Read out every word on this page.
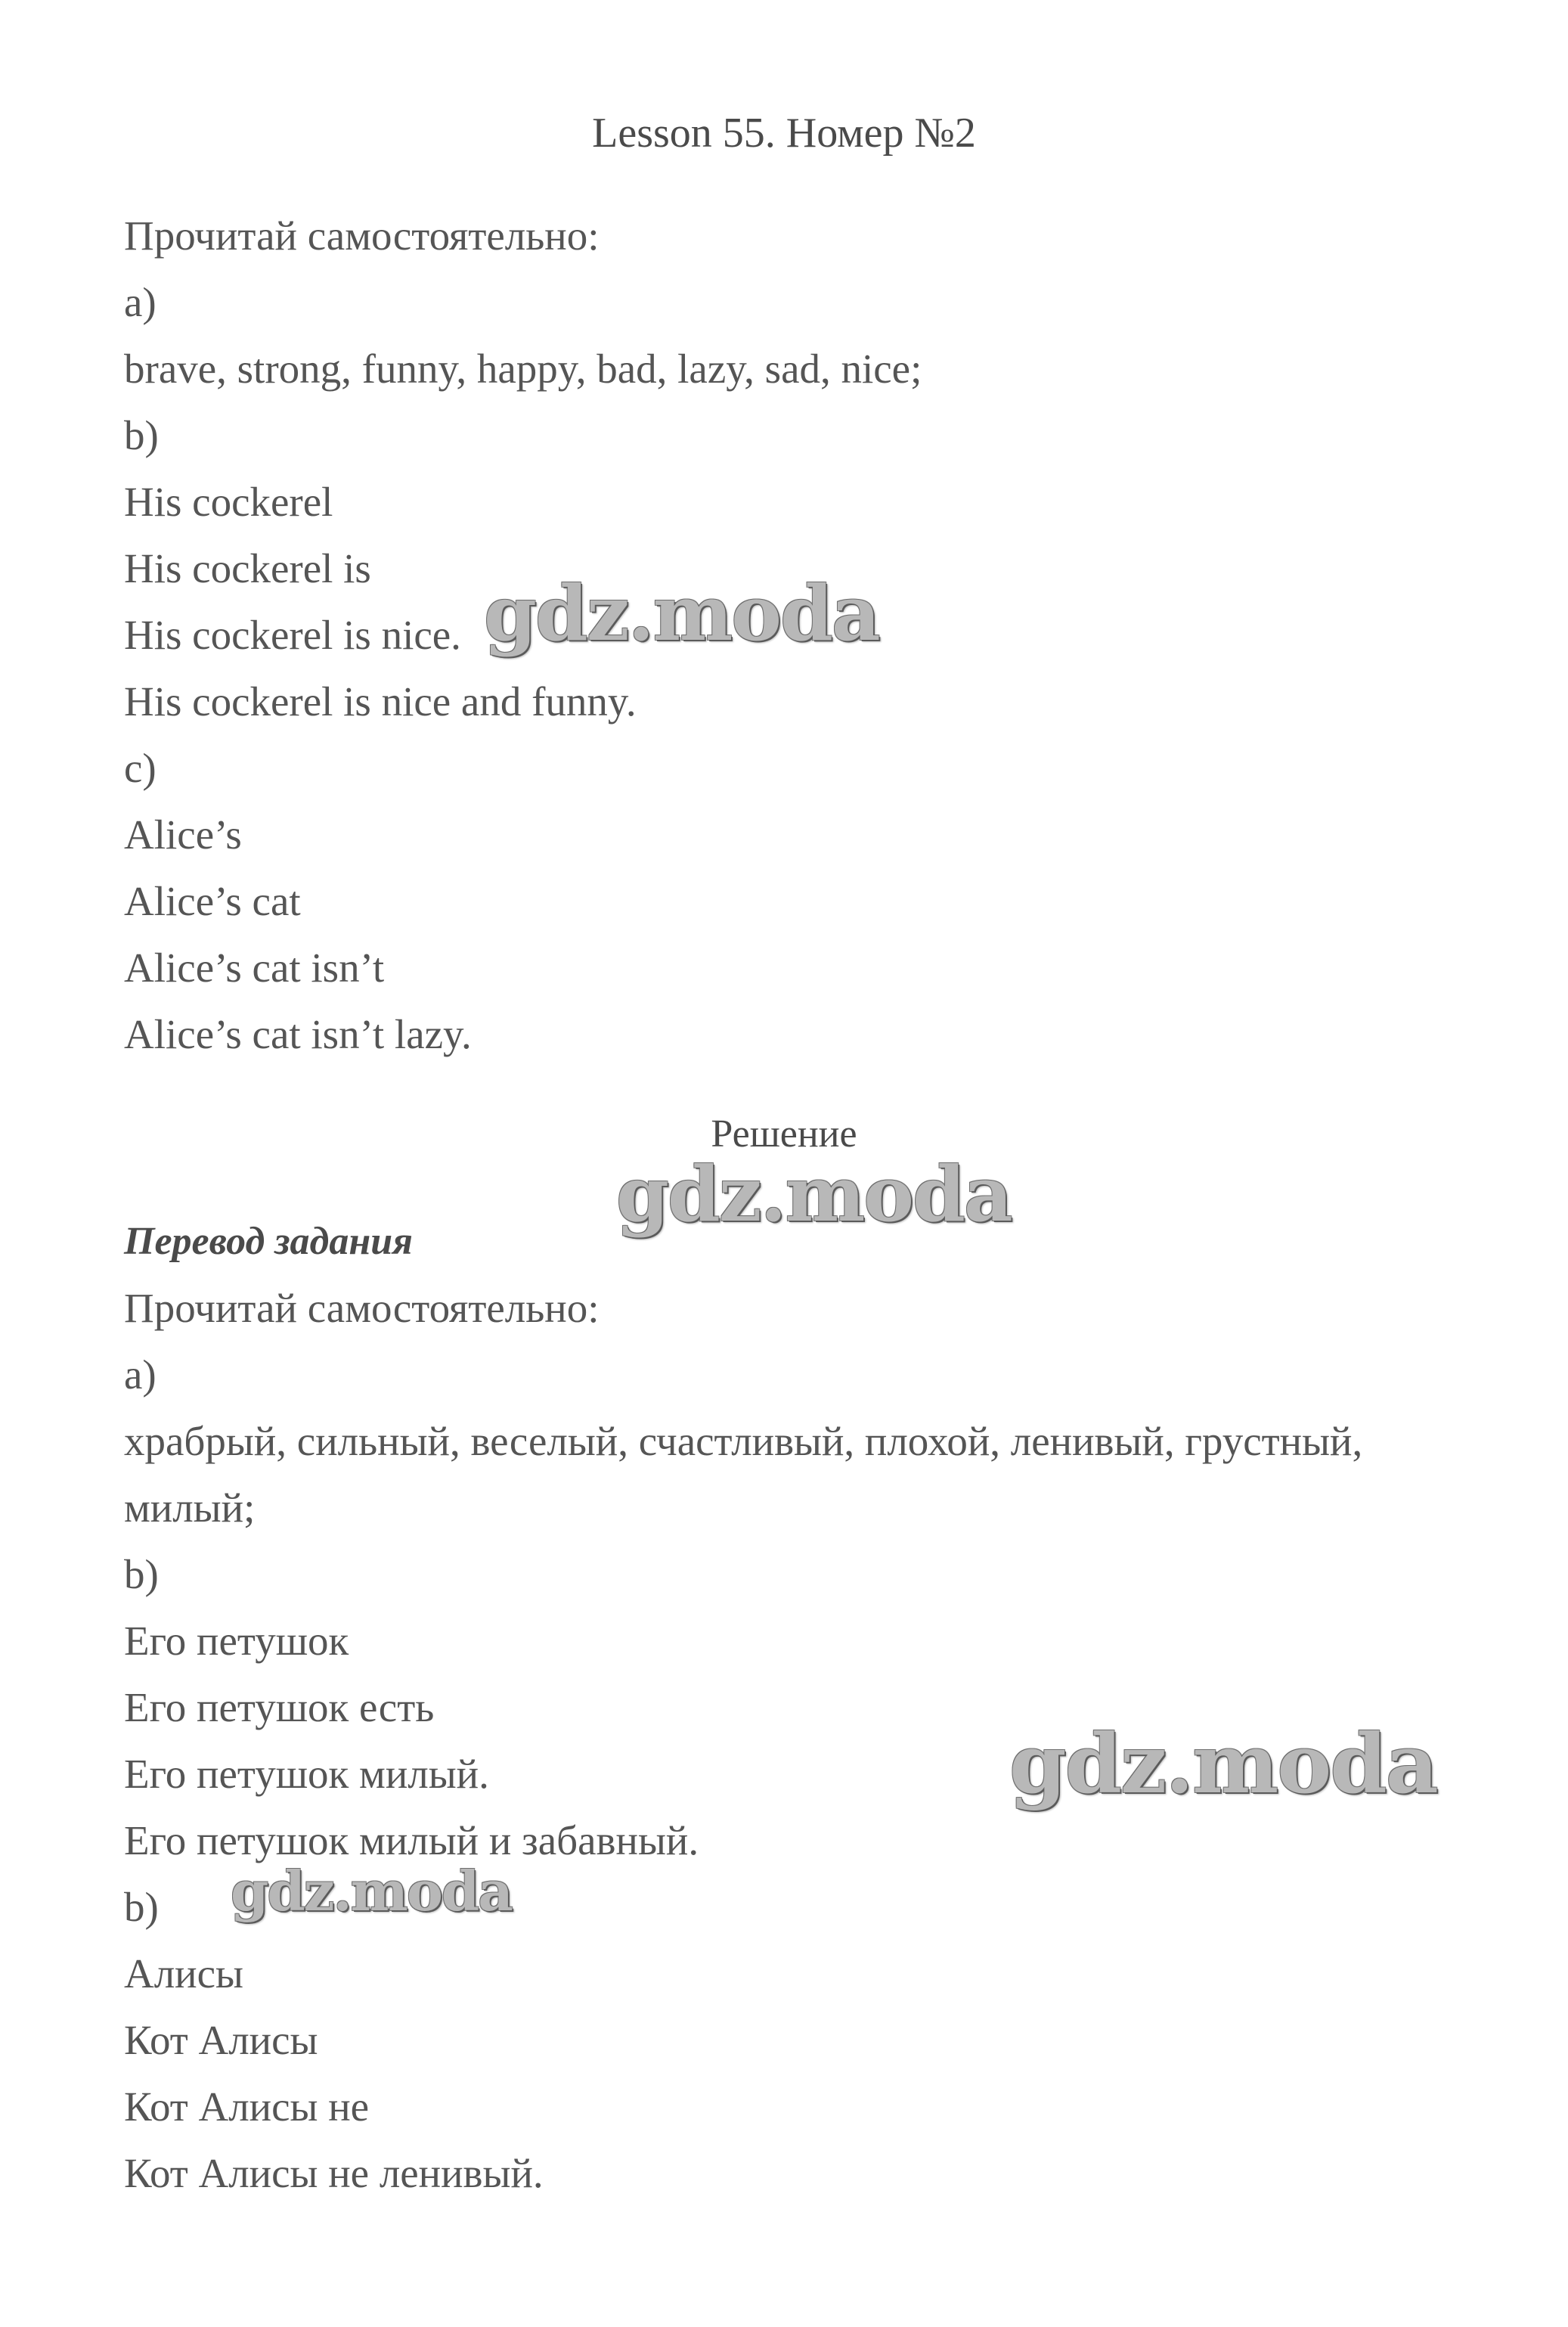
Lesson 55. Номер №2
Прочитай самостоятельно:
a)
brave, strong, funny, happy, bad, lazy, sad, nice;
b)
His cockerel
His cockerel is
His cockerel is nice.
His cockerel is nice and funny.
c)
Alice’s
Alice’s cat
Alice’s cat isn’t
Alice’s cat isn’t lazy.
Решение
Перевод задания
Прочитай самостоятельно:
a)
храбрый, сильный, веселый, счастливый, плохой, ленивый, грустный, милый;
b)
Его петушок
Его петушок есть
Его петушок милый.
Его петушок милый и забавный.
b)
Алисы
Кот Алисы
Кот Алисы не
Кот Алисы не ленивый.
gdz.moda
gdz.moda
gdz.moda
gdz.moda
